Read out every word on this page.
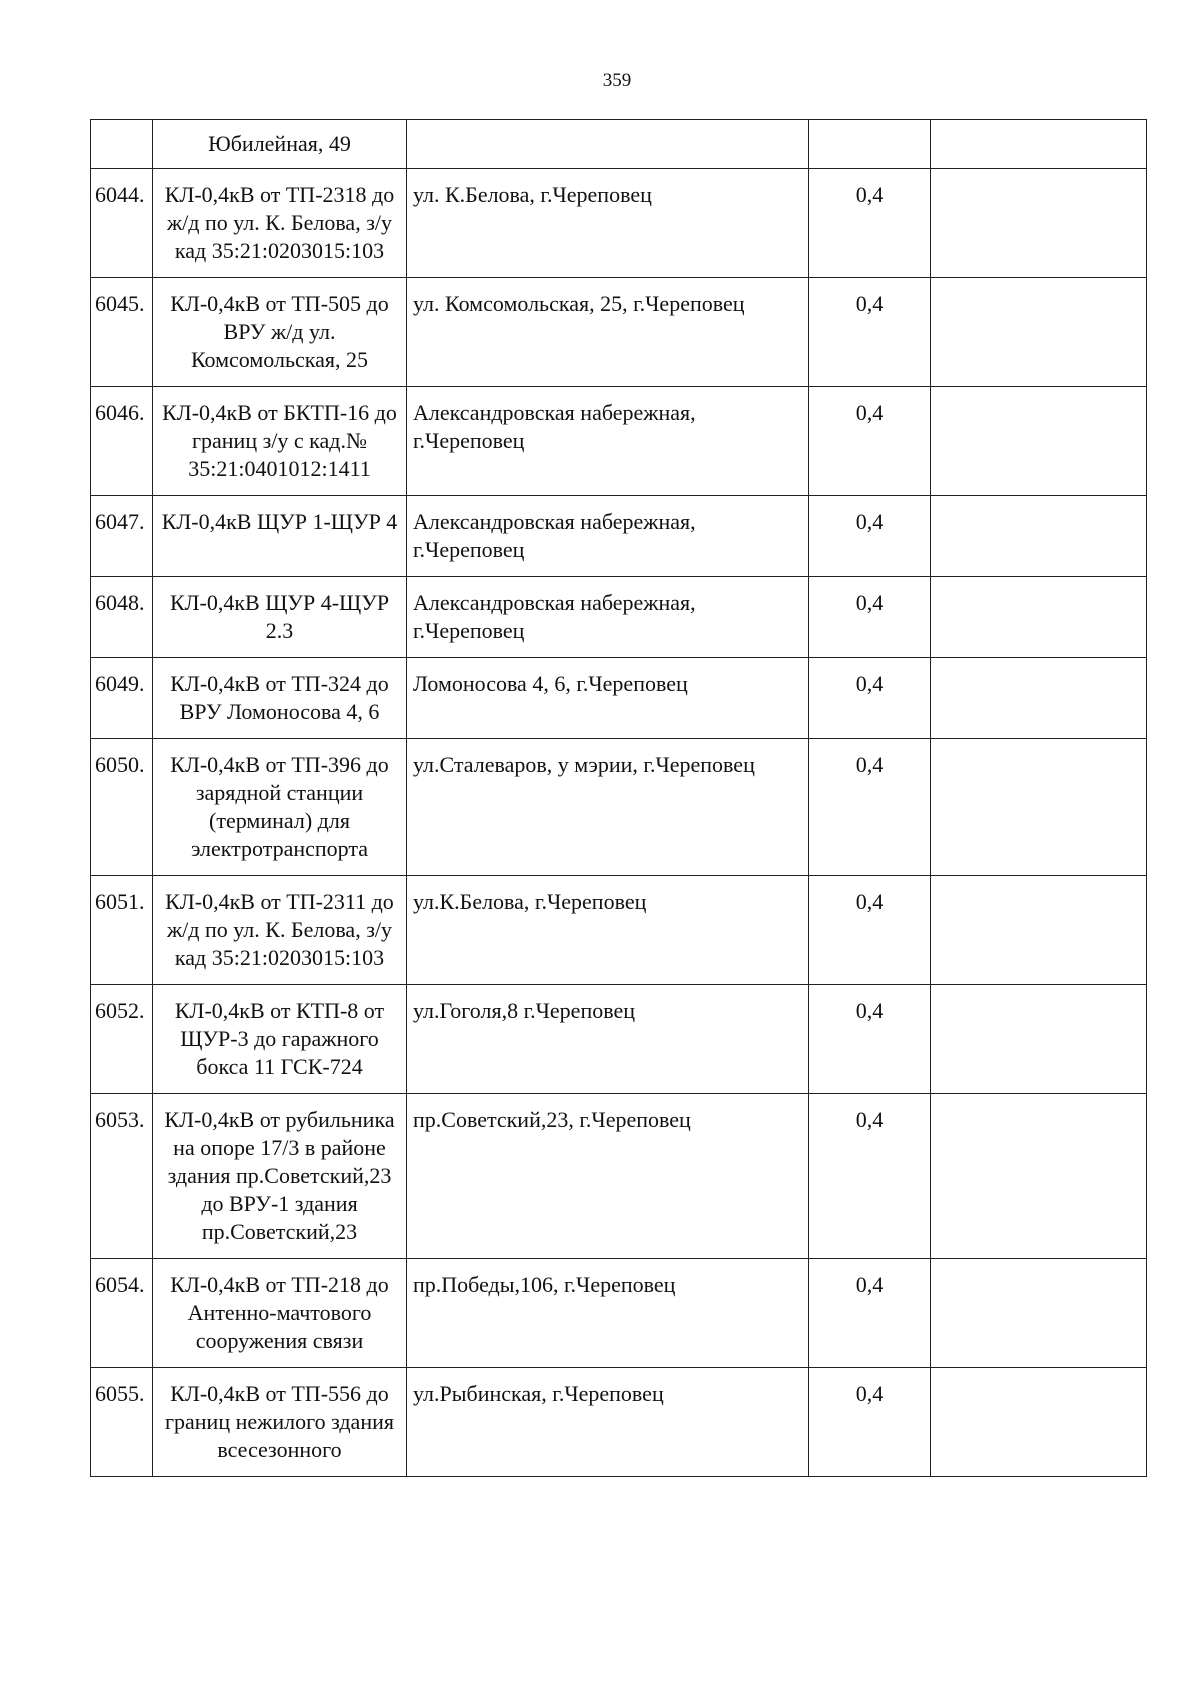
359
	Юбилейная, 49			
6044.	КЛ-0,4кВ от ТП-2318 до ж/д по ул. К. Белова, з/у кад 35:21:0203015:103	ул. К.Белова, г.Череповец	0,4	
6045.	КЛ-0,4кВ от ТП-505 до ВРУ ж/д ул. Комсомольская, 25	ул. Комсомольская, 25, г.Череповец	0,4	
6046.	КЛ-0,4кВ от БКТП-16 до границ з/у с кад.№ 35:21:0401012:1411	Александровская набережная, г.Череповец	0,4	
6047.	КЛ-0,4кВ ЩУР 1-ЩУР 4	Александровская набережная, г.Череповец	0,4	
6048.	КЛ-0,4кВ ЩУР 4-ЩУР 2.3	Александровская набережная, г.Череповец	0,4	
6049.	КЛ-0,4кВ от ТП-324 до ВРУ Ломоносова 4, 6	Ломоносова 4, 6, г.Череповец	0,4	
6050.	КЛ-0,4кВ от ТП-396 до зарядной станции (терминал) для электротранспорта	ул.Сталеваров, у мэрии, г.Череповец	0,4	
6051.	КЛ-0,4кВ от ТП-2311 до ж/д по ул. К. Белова, з/у кад 35:21:0203015:103	ул.К.Белова, г.Череповец	0,4	
6052.	КЛ-0,4кВ от КТП-8 от ЩУР-3 до гаражного бокса 11 ГСК-724	ул.Гоголя,8 г.Череповец	0,4	
6053.	КЛ-0,4кВ от рубильника на опоре 17/3 в районе здания пр.Советский,23 до ВРУ-1 здания пр.Советский,23	пр.Советский,23, г.Череповец	0,4	
6054.	КЛ-0,4кВ от ТП-218 до Антенно-мачтового сооружения связи	пр.Победы,106, г.Череповец	0,4	
6055.	КЛ-0,4кВ от ТП-556 до границ нежилого здания всесезонного	ул.Рыбинская, г.Череповец	0,4	
